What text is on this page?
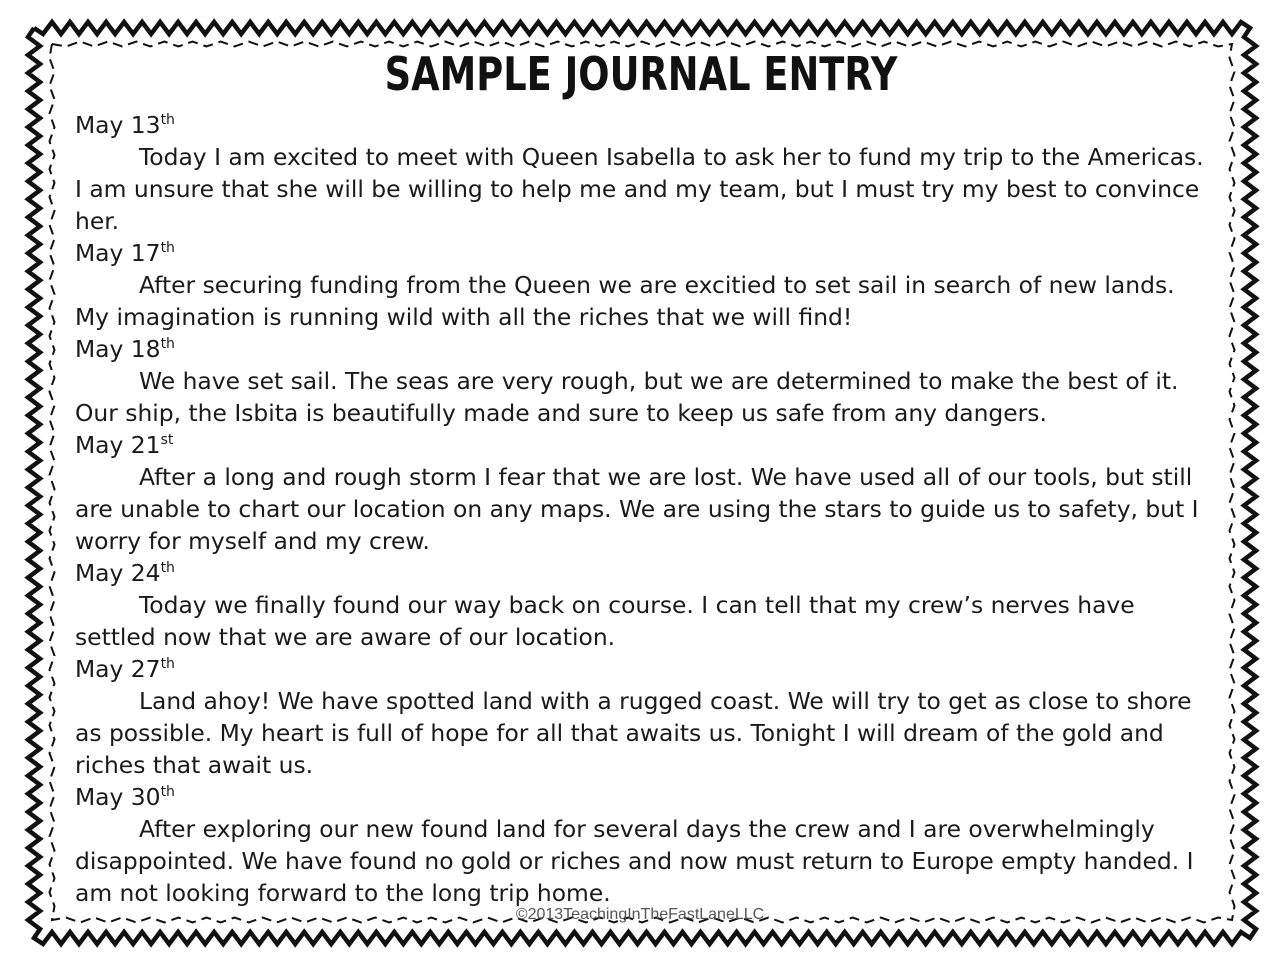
SAMPLE JOURNAL ENTRY

May 13th

Today I am excited to meet with Queen Isabella to ask her to fund my trip to the Americas. I am unsure that she will be willing to help me and my team, but I must try my best to convince her.

May 17th

After securing funding from the Queen we are excitied to set sail in search of new lands. My imagination is running wild with all the riches that we will find!

May 18th

We have set sail. The seas are very rough, but we are determined to make the best of it. Our ship, the Isbita is beautifully made and sure to keep us safe from any dangers.

May 21st

After a long and rough storm I fear that we are lost. We have used all of our tools, but still are unable to chart our location on any maps. We are using the stars to guide us to safety, but I worry for myself and my crew.

May 24th

Today we finally found our way back on course. I can tell that my crew’s nerves have settled now that we are aware of our location.

May 27th

Land ahoy! We have spotted land with a rugged coast. We will try to get as close to shore as possible. My heart is full of hope for all that awaits us. Tonight I will dream of the gold and riches that await us.

May 30th

After exploring our new found land for several days the crew and I are overwhelmingly disappointed. We have found no gold or riches and now must return to Europe empty handed. I am not looking forward to the long trip home.

©2013TeachingInTheFastLaneLLC
